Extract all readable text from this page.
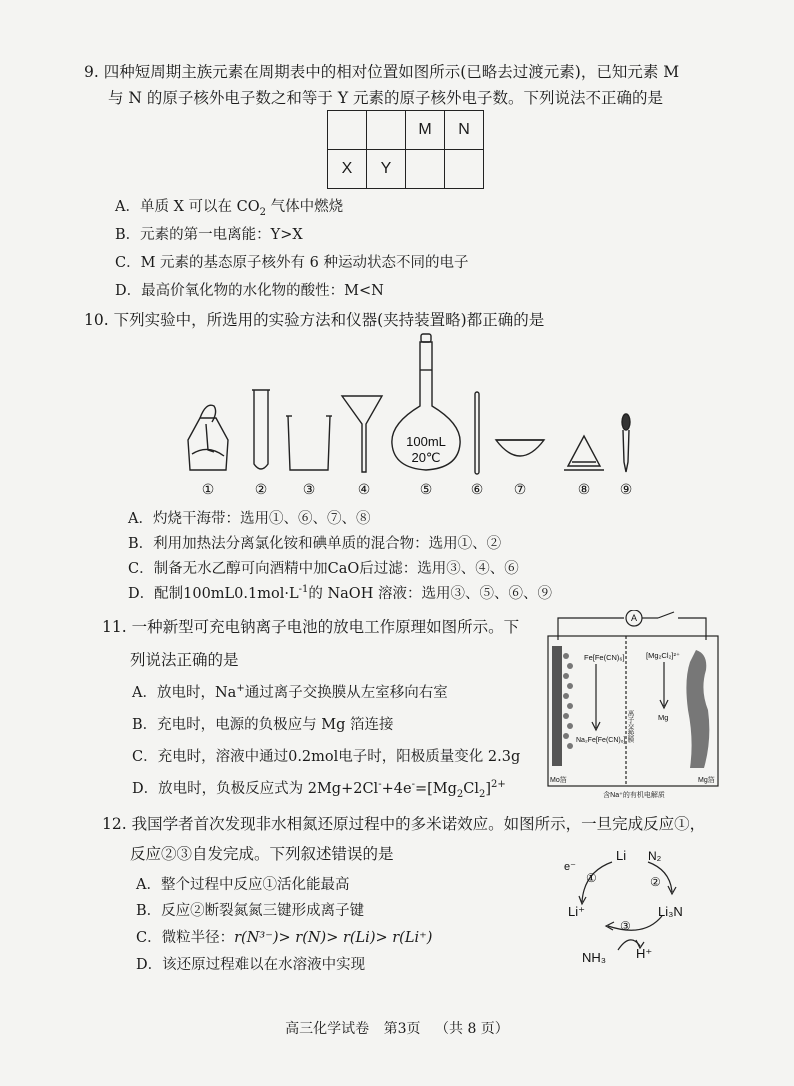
9. 四种短周期主族元素在周期表中的相对位置如图所示(已略去过渡元素)，已知元素 M
与 N 的原子核外电子数之和等于 Y 元素的原子核外电子数。下列说法不正确的是
		M	N
X	Y		
A．单质 X 可以在 $CO_2$ 气体中燃烧
B．元素的第一电离能：Y>X
C．M 元素的基态原子核外有 6 种运动状态不同的电子
D．最高价氧化物的水化物的酸性：M<N
10. 下列实验中，所选用的实验方法和仪器(夹持装置略)都正确的是
100mL
20℃
①	②	③	④	⑤	⑥ ⑦	⑧ ⑨
A．灼烧干海带：选用①、⑥、⑦、⑧
B．利用加热法分离氯化铵和碘单质的混合物：选用①、②
C．制备无水乙醇可向酒精中加CaO后过滤：选用③、④、⑥
D．配制$100mL0.1mol\cdot L^{-1}$的 NaOH 溶液：选用③、⑤、⑥、⑨
11. 一种新型可充电钠离子电池的放电工作原理如图所示。下
列说法正确的是
A．放电时，Na+通过离子交换膜从左室移向右室
B．充电时，电源的负极应与 Mg 箔连接
C．充电时，溶液中通过0.2mol电子时，阳极质量变化 2.3g
D．放电时，负极反应式为 $2Mg+2Cl^-+4e^-=[Mg_2Cl_2]^{2+}$
A
Fe[Fe(CN)₆]
Na₂Fe[Fe(CN)₆]
[Mg₂Cl₂]²⁺
Mg
Mo箔	Mg箔
含Na⁺的有机电解质
离子交换膜
12. 我国学者首次发现非水相氮还原过程中的多米诺效应。如图所示，一旦完成反应①，
反应②③自发完成。下列叙述错误的是
A．整个过程中反应①活化能最高
B．反应②断裂氮氮三键形成离子键
C．微粒半径：r(N³⁻)> r(N)> r(Li)> r(Li⁺)
D．该还原过程难以在水溶液中实现
Li N₂
e⁻
①	②
Li₃N
Li⁺
③
NH₃ H⁺
高三化学试卷 第3页 （共 8 页）
